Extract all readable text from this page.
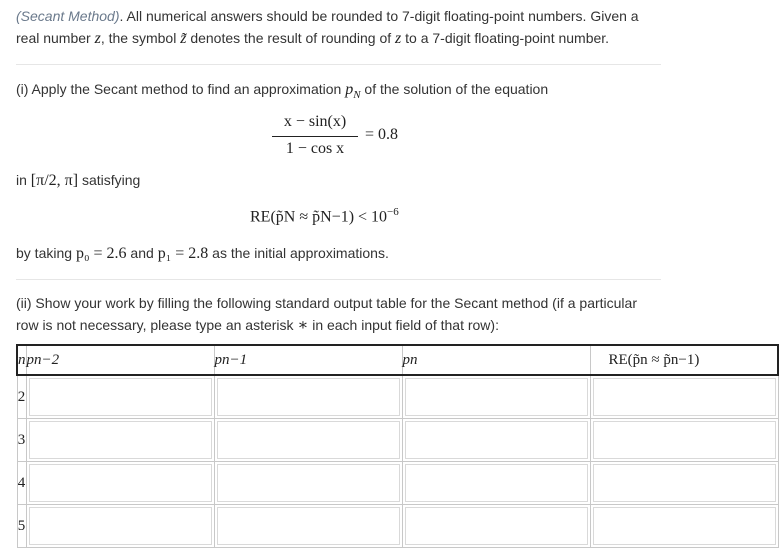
(Secant Method). All numerical answers should be rounded to 7-digit floating-point numbers. Given a
real number z, the symbol z̃ denotes the result of rounding of z to a 7-digit floating-point number.
(i) Apply the Secant method to find an approximation $p_N$ of the solution of the equation
x − sin(x)
1 − cos x
= 0.8
in [π/2, π] satisfying
RE(p̃N ≈ p̃N−1) < $10^{-6}$
by taking p₀ = 2.6 and p₁ = 2.8 as the initial approximations.
(ii) Show your work by filling the following standard output table for the Secant method (if a particular
row is not necessary, please type an asterisk ∗ in each input field of that row):
n	pn−2	pn−1	pn	RE(p̃n ≈ p̃n−1)
2	

3	

4	

5	
